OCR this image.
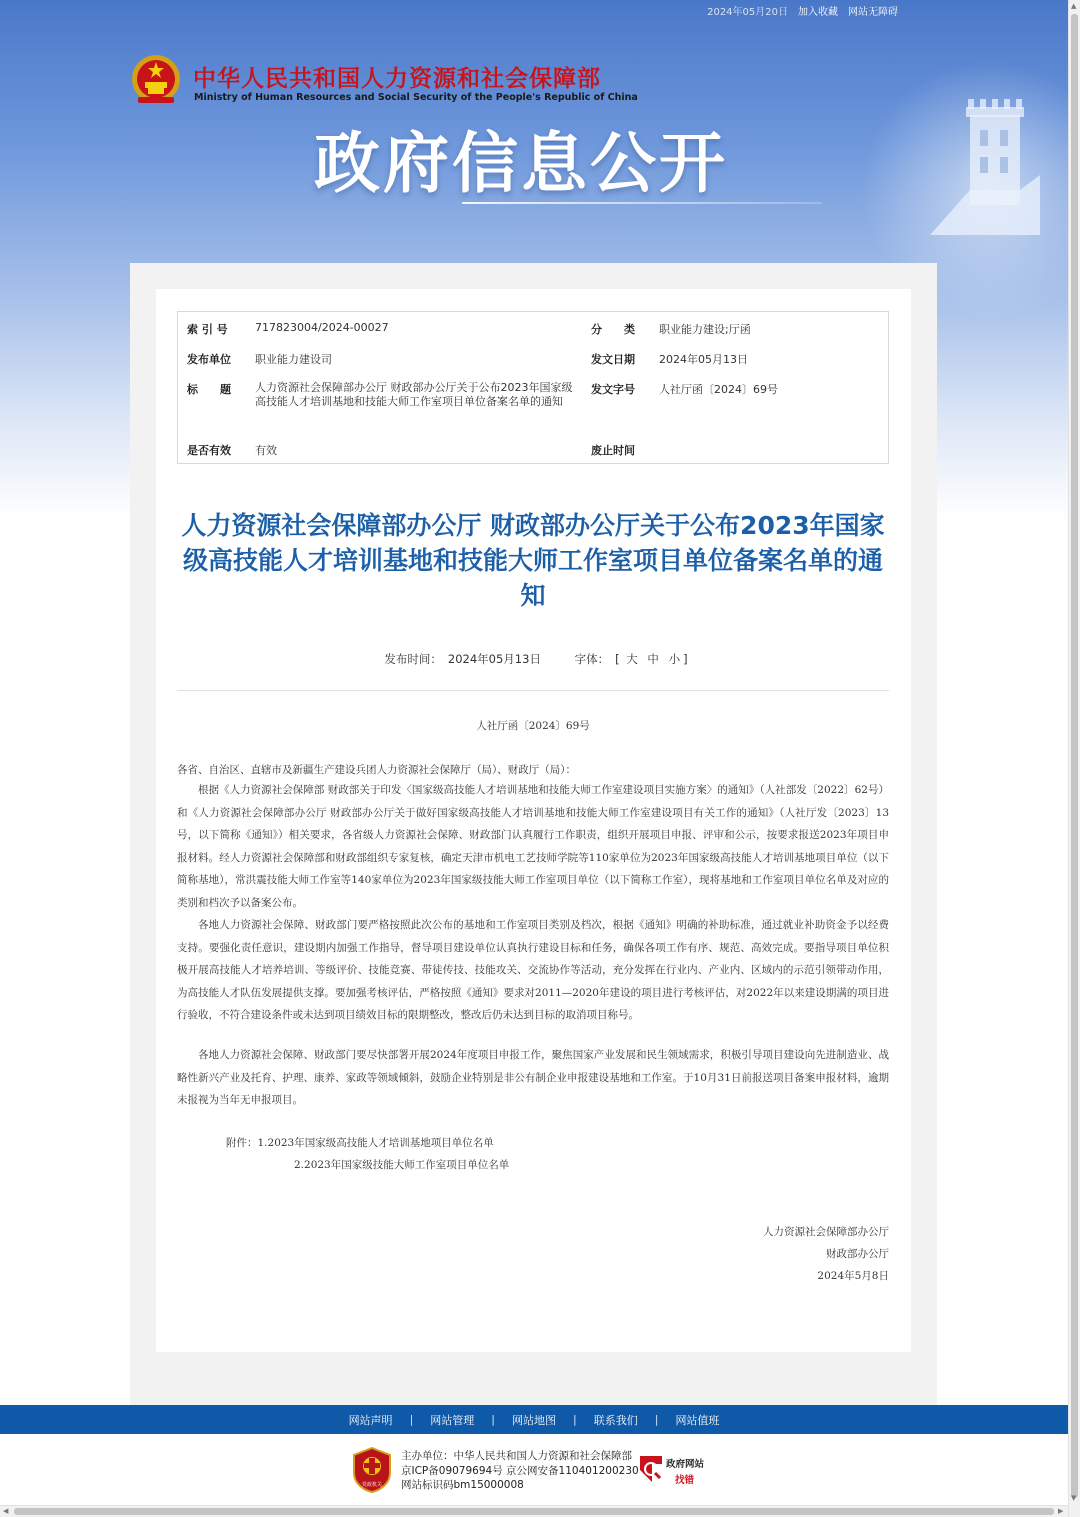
2024年05月20日 加入收藏 网站无障碍
中华人民共和国人力资源和社会保障部
Ministry of Human Resources and Social Security of the People's Republic of China
政府信息公开
索 引 号 717823004/2024-00027	分　　类 职业能力建设;厅函
发布单位 职业能力建设司	发文日期 2024年05月13日
标　　题 人力资源社会保障部办公厅 财政部办公厅关于公布2023年国家级高技能人才培训基地和技能大师工作室项目单位备案名单的通知
发文字号 人社厅函〔2024〕69号
是否有效 有效	废止时间
人力资源社会保障部办公厅 财政部办公厅关于公布2023年国家级高技能人才培训基地和技能大师工作室项目单位备案名单的通知
发布时间： 2024年05月13日	字体： [ 大 中 小 ]
人社厅函〔2024〕69号
各省、自治区、直辖市及新疆生产建设兵团人力资源社会保障厅（局）、财政厅（局）：
根据《人力资源社会保障部 财政部关于印发〈国家级高技能人才培训基地和技能大师工作室建设项目实施方案〉的通知》（人社部发〔2022〕62号）和《人力资源社会保障部办公厅 财政部办公厅关于做好国家级高技能人才培训基地和技能大师工作室建设项目有关工作的通知》（人社厅发〔2023〕13号，以下简称《通知》）相关要求，各省级人力资源社会保障、财政部门认真履行工作职责，组织开展项目申报、评审和公示，按要求报送2023年项目申报材料。经人力资源社会保障部和财政部组织专家复核，确定天津市机电工艺技师学院等110家单位为2023年国家级高技能人才培训基地项目单位（以下简称基地），常洪震技能大师工作室等140家单位为2023年国家级技能大师工作室项目单位（以下简称工作室），现将基地和工作室项目单位名单及对应的类别和档次予以备案公布。
各地人力资源社会保障、财政部门要严格按照此次公布的基地和工作室项目类别及档次，根据《通知》明确的补助标准，通过就业补助资金予以经费支持。要强化责任意识，建设期内加强工作指导，督导项目建设单位认真执行建设目标和任务，确保各项工作有序、规范、高效完成。要指导项目单位积极开展高技能人才培养培训、等级评价、技能竞赛、带徒传技、技能攻关、交流协作等活动，充分发挥在行业内、产业内、区域内的示范引领带动作用，为高技能人才队伍发展提供支撑。要加强考核评估，严格按照《通知》要求对2011—2020年建设的项目进行考核评估，对2022年以来建设期满的项目进行验收，不符合建设条件或未达到项目绩效目标的限期整改，整改后仍未达到目标的取消项目称号。
各地人力资源社会保障、财政部门要尽快部署开展2024年度项目申报工作，聚焦国家产业发展和民生领域需求，积极引导项目建设向先进制造业、战略性新兴产业及托育、护理、康养、家政等领域倾斜，鼓励企业特别是非公有制企业申报建设基地和工作室。于10月31日前报送项目备案申报材料，逾期未报视为当年无申报项目。
附件：1.2023年国家级高技能人才培训基地项目单位名单
2.2023年国家级技能大师工作室项目单位名单
人力资源社会保障部办公厅
财政部办公厅
2024年5月8日
网站声明 | 网站管理 | 网站地图 | 联系我们 | 网站值班
党政机关
主办单位：中华人民共和国人力资源和社会保障部
京ICP备09079694号 京公网安备110401200230
网站标识码bm15000008
政府网站
找错
▲
▼
◀	▶
